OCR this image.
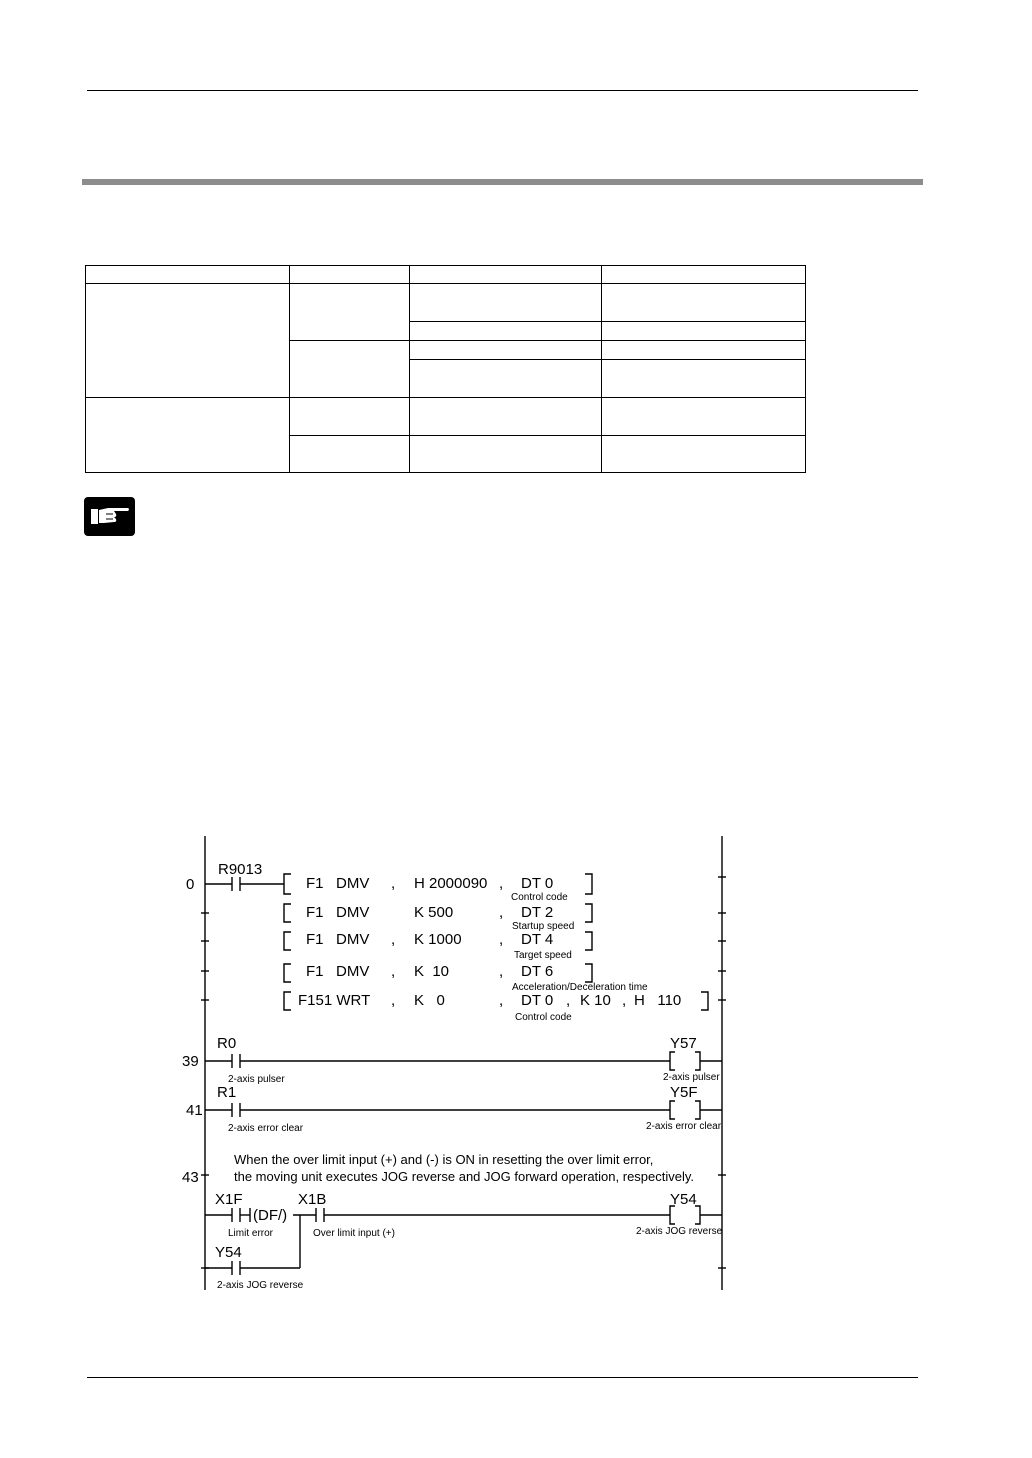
0
39
41
43
R9013
F1 DMV , H 2000090 , DT 0
F1 DMV	K 500	, DT 2
F1 DMV , K 1000 , DT 4
F1 DMV , K  10	, DT 6
F151 WRT , K   0	, DT 0 , K 10 , H   110
R0	Y57
R1	Y5F
X1F
(DF/)
X1B	Y54
Y54
When the over limit input (+) and (-) is ON in resetting the over limit error,
the moving unit executes JOG reverse and JOG forward operation, respectively.
Control code
Startup speed
Target speed
Acceleration/Deceleration time
Control code
2-axis pulser	2-axis pulser
2-axis error clear	2-axis error clear
Limit error	Over limit input (+)	2-axis JOG reverse
2-axis JOG reverse
